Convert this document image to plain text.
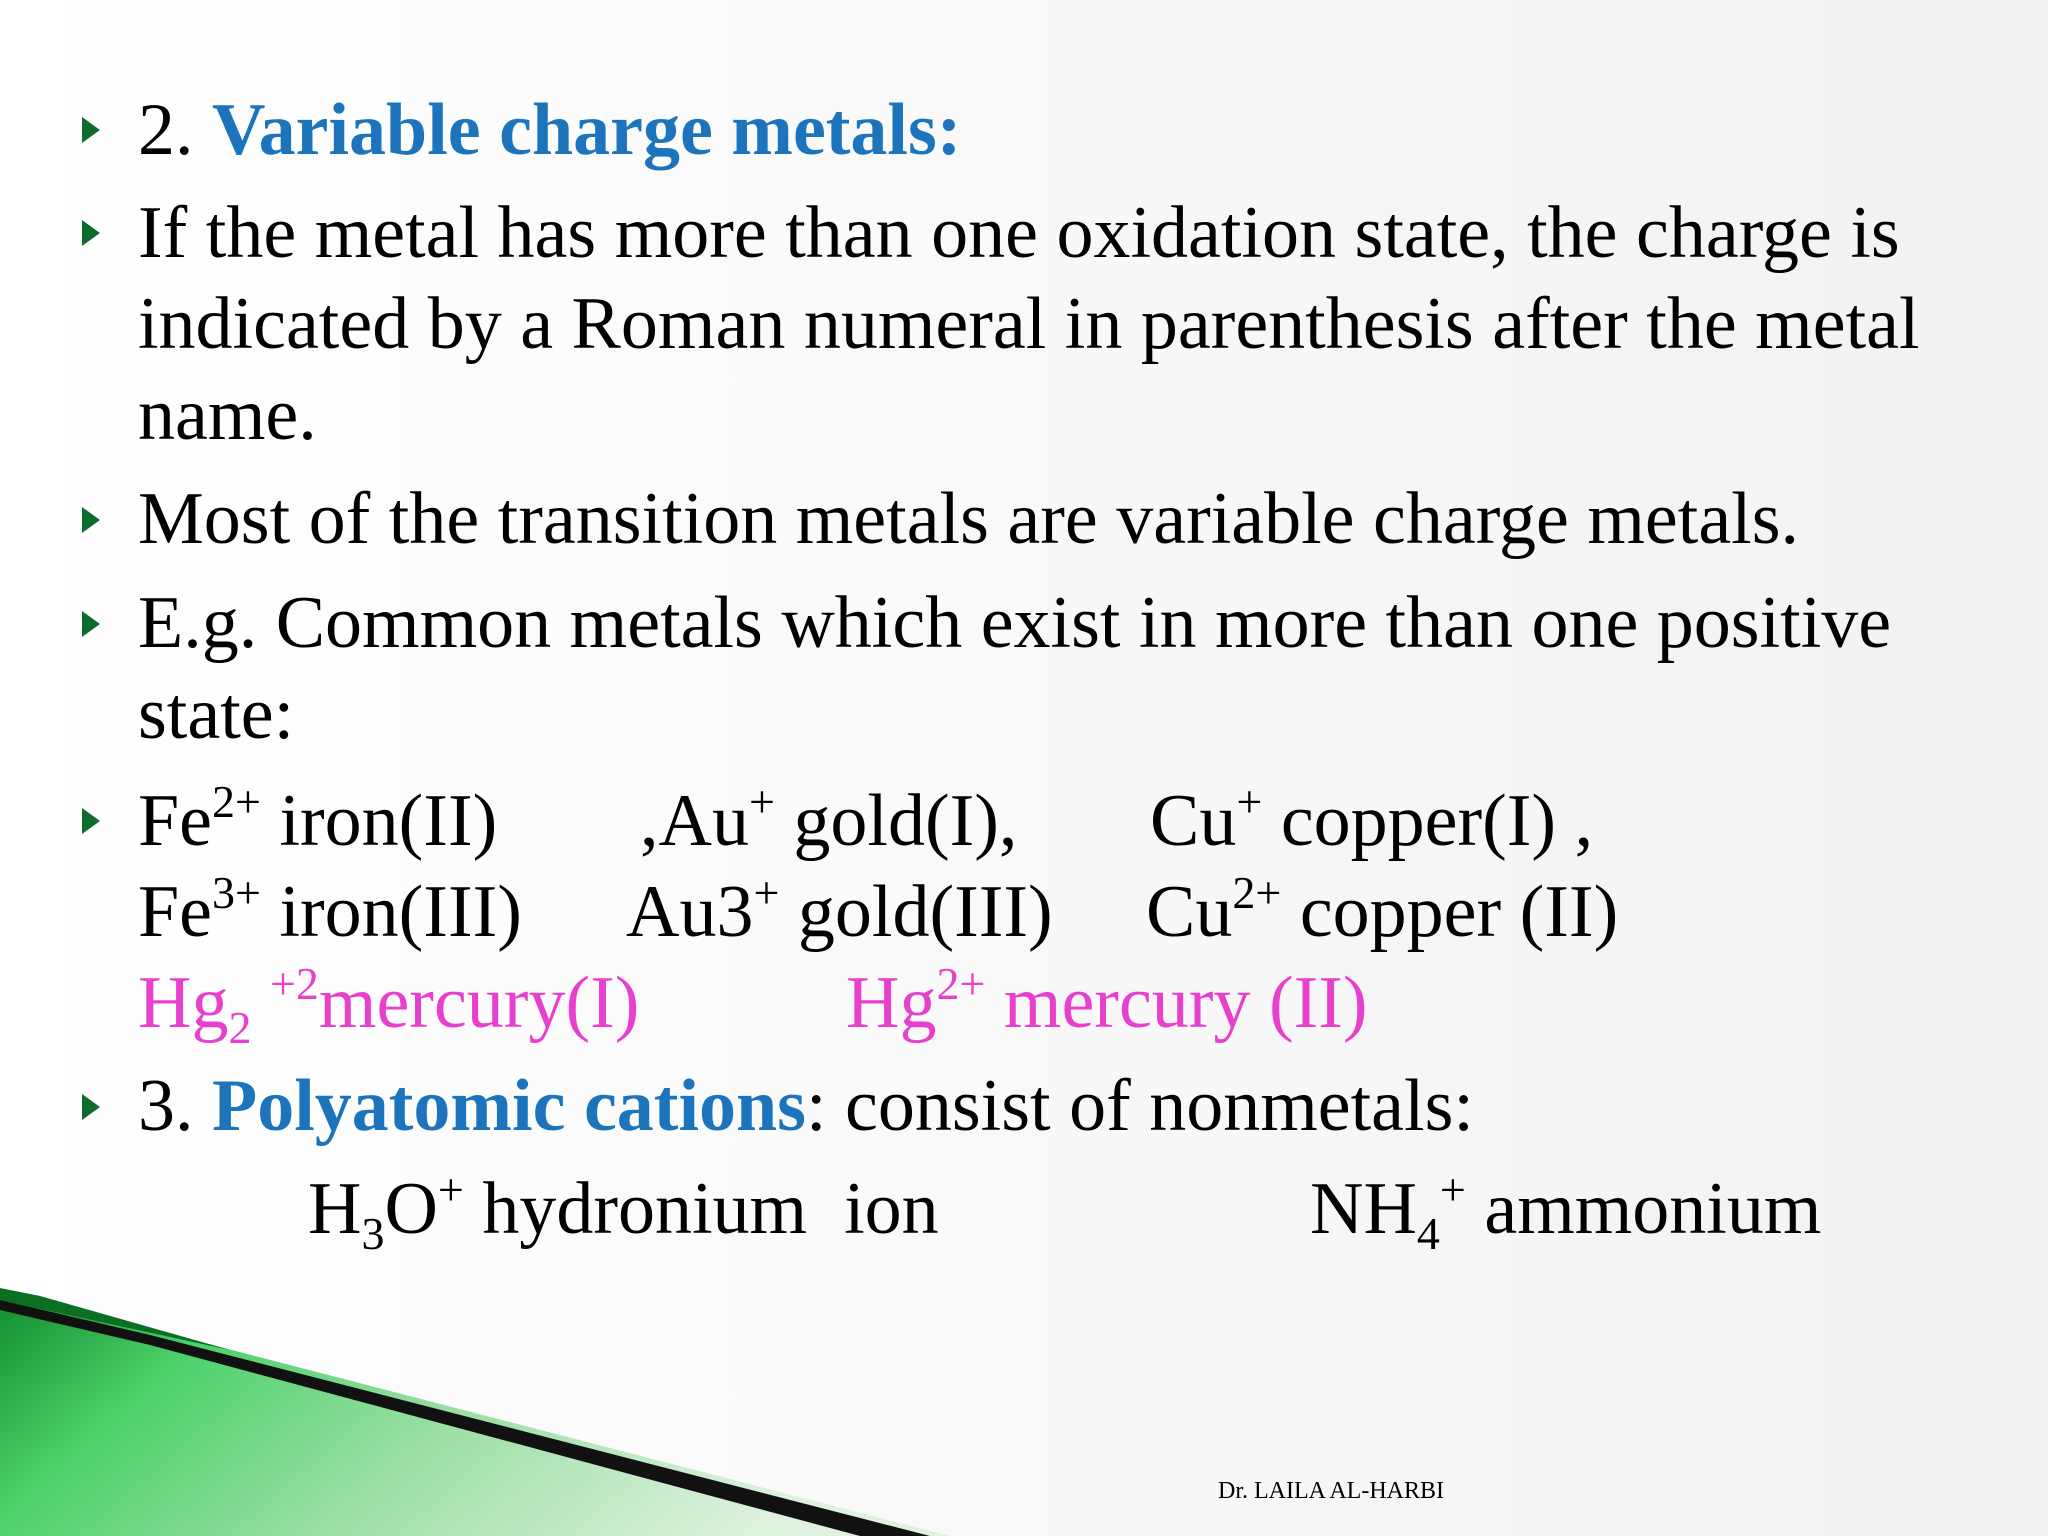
2. Variable charge metals:
If the metal has more than one oxidation state, the charge is
indicated by a Roman numeral in parenthesis after the metal
name.
Most of the transition metals are variable charge metals.
E.g. Common metals which exist in more than one positive
state:
$Fe^{2+}$ iron(II) ,Au+ gold(I), Cu+ copper(I) ,
$Fe^{3+}$ iron(III) Au3+ gold(III) $Cu^{2+}$ copper (II)
$Hg_2$ $^{+2}$mercury(I)	$Hg^{2+}$ mercury (II)
3. Polyatomic cations: consist of nonmetals:
$H_3O^+$ hydronium  ion	$NH_4^+$ ammonium
Dr. LAILA AL-HARBI
